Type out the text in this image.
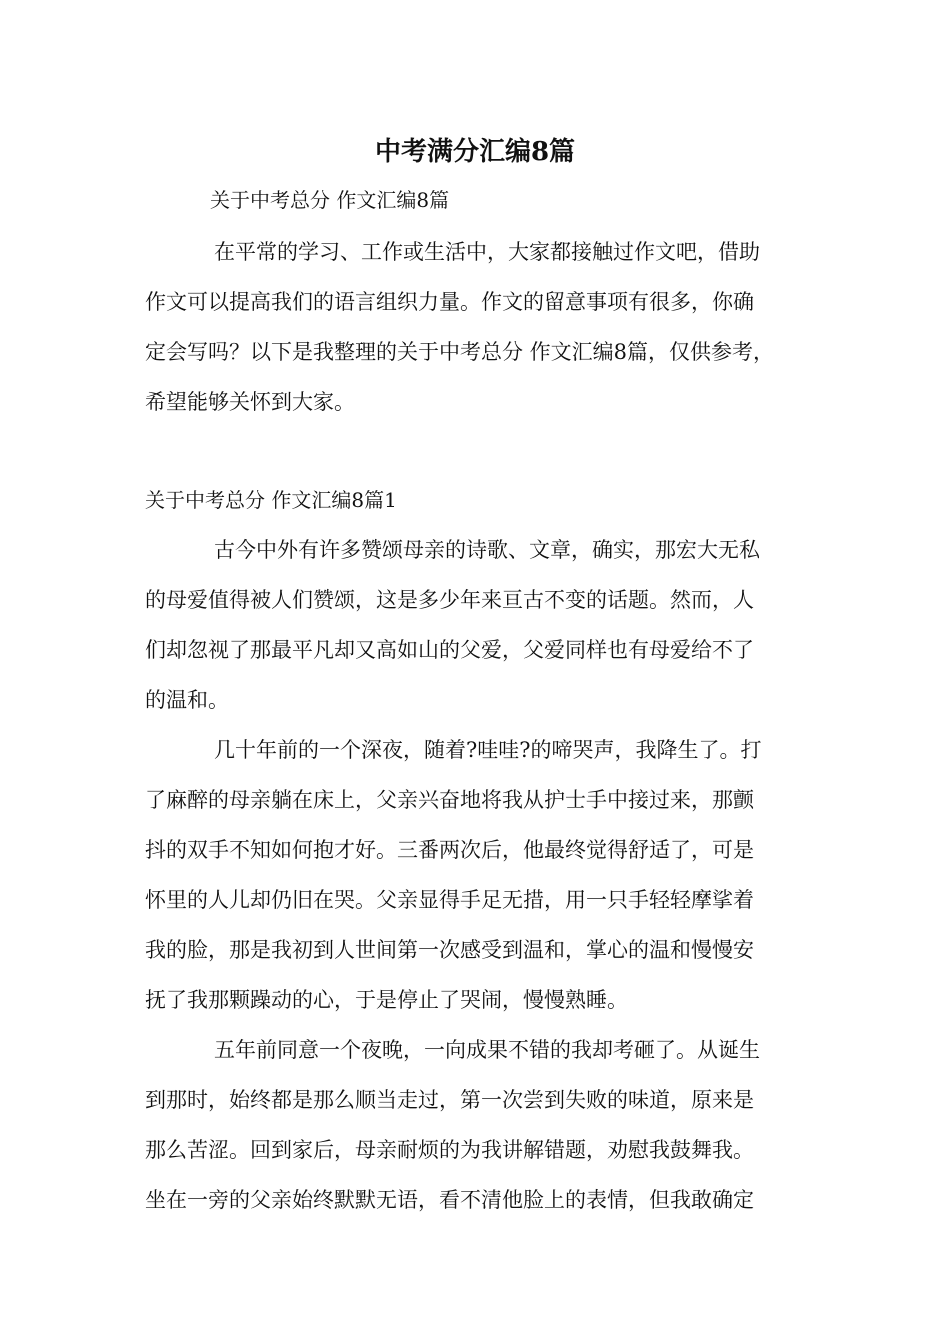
中考满分汇编8篇
关于中考总分 作文汇编8篇
在平常的学习、工作或生活中，大家都接触过作文吧，借助
作文可以提高我们的语言组织力量。作文的留意事项有很多，你确
定会写吗？以下是我整理的关于中考总分 作文汇编8篇，仅供参考，
希望能够关怀到大家。
关于中考总分 作文汇编8篇1
古今中外有许多赞颂母亲的诗歌、文章，确实，那宏大无私
的母爱值得被人们赞颂，这是多少年来亘古不变的话题。然而，人
们却忽视了那最平凡却又高如山的父爱，父爱同样也有母爱给不了
的温和。
几十年前的一个深夜，随着?哇哇?的啼哭声，我降生了。打
了麻醉的母亲躺在床上，父亲兴奋地将我从护士手中接过来，那颤
抖的双手不知如何抱才好。三番两次后，他最终觉得舒适了，可是
怀里的人儿却仍旧在哭。父亲显得手足无措，用一只手轻轻摩挲着
我的脸，那是我初到人世间第一次感受到温和，掌心的温和慢慢安
抚了我那颗躁动的心，于是停止了哭闹，慢慢熟睡。
五年前同意一个夜晚，一向成果不错的我却考砸了。从诞生
到那时，始终都是那么顺当走过，第一次尝到失败的味道，原来是
那么苦涩。回到家后，母亲耐烦的为我讲解错题，劝慰我鼓舞我。
坐在一旁的父亲始终默默无语，看不清他脸上的表情，但我敢确定
